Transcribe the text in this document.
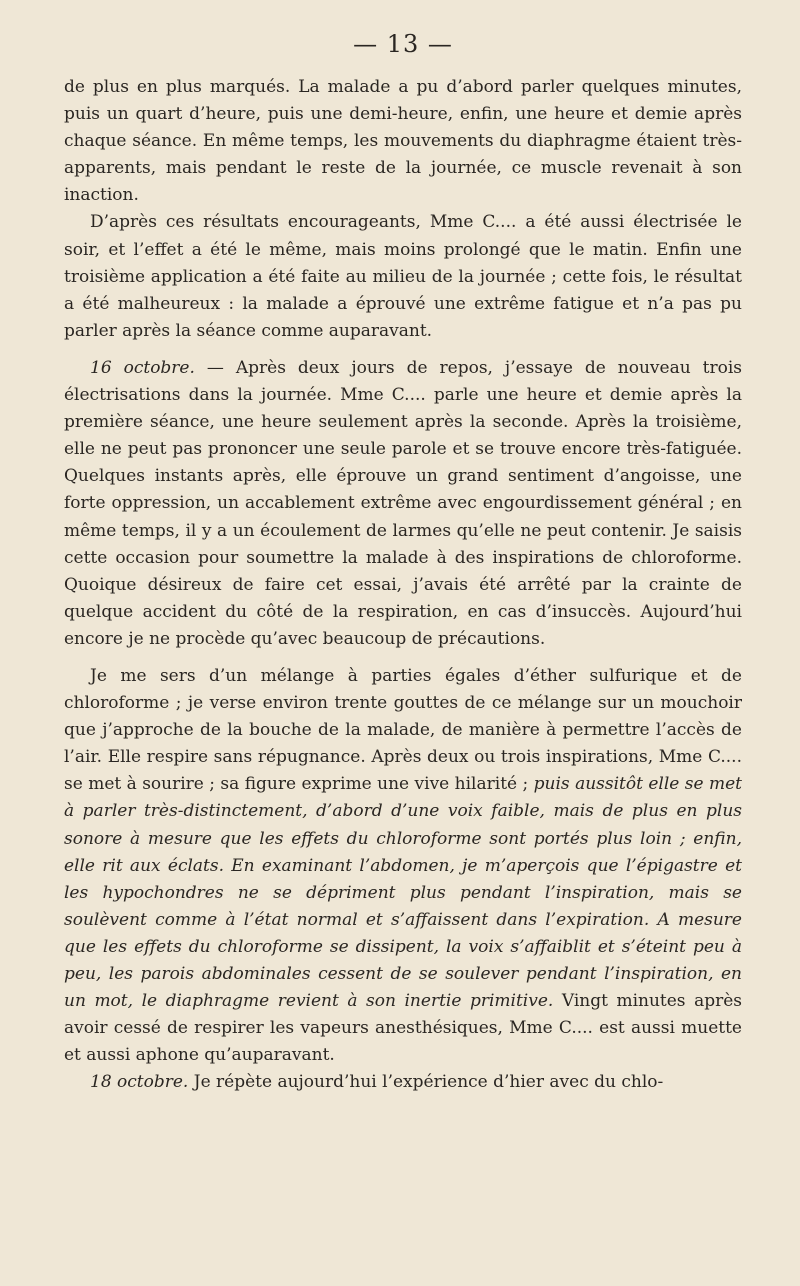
— 13 —

de plus en plus marqués. La malade a pu d’abord parler quelques minutes, puis un quart d’heure, puis une demi-heure, enfin, une heure et demie après chaque séance. En même temps, les mouvements du diaphragme étaient très-apparents, mais pendant le reste de la journée, ce muscle revenait à son inaction.

D’après ces résultats encourageants, Mme C.... a été aussi électrisée le soir, et l’effet a été le même, mais moins prolongé que le matin. Enfin une troisième application a été faite au milieu de la journée ; cette fois, le résultat a été malheureux : la malade a éprouvé une extrême fatigue et n’a pas pu parler après la séance comme auparavant.

16 octobre. — Après deux jours de repos, j’essaye de nouveau trois électrisations dans la journée. Mme C.... parle une heure et demie après la première séance, une heure seulement après la seconde. Après la troisième, elle ne peut pas prononcer une seule parole et se trouve encore très-fatiguée. Quelques instants après, elle éprouve un grand sentiment d’angoisse, une forte oppression, un accablement extrême avec engourdissement général ; en même temps, il y a un écoulement de larmes qu’elle ne peut contenir. Je saisis cette occasion pour soumettre la malade à des inspirations de chloroforme. Quoique désireux de faire cet essai, j’avais été arrêté par la crainte de quelque accident du côté de la respiration, en cas d’insuccès. Aujourd’hui encore je ne procède qu’avec beaucoup de précautions.

Je me sers d’un mélange à parties égales d’éther sulfurique et de chloroforme ; je verse environ trente gouttes de ce mélange sur un mouchoir que j’approche de la bouche de la malade, de manière à permettre l’accès de l’air. Elle respire sans répugnance. Après deux ou trois inspirations, Mme C.... se met à sourire ; sa figure exprime une vive hilarité ; puis aussitôt elle se met à parler très-distinctement, d’abord d’une voix faible, mais de plus en plus sonore à mesure que les effets du chloroforme sont portés plus loin ; enfin, elle rit aux éclats. En examinant l’abdomen, je m’aperçois que l’épigastre et les hypochondres ne se dépriment plus pendant l’inspiration, mais se soulèvent comme à l’état normal et s’affaissent dans l’expiration. A mesure que les effets du chloroforme se dissipent, la voix s’affaiblit et s’éteint peu à peu, les parois abdominales cessent de se soulever pendant l’inspiration, en un mot, le diaphragme revient à son inertie primitive. Vingt minutes après avoir cessé de respirer les vapeurs anesthésiques, Mme C.... est aussi muette et aussi aphone qu’auparavant.

18 octobre. Je répète aujourd’hui l’expérience d’hier avec du chlo-
